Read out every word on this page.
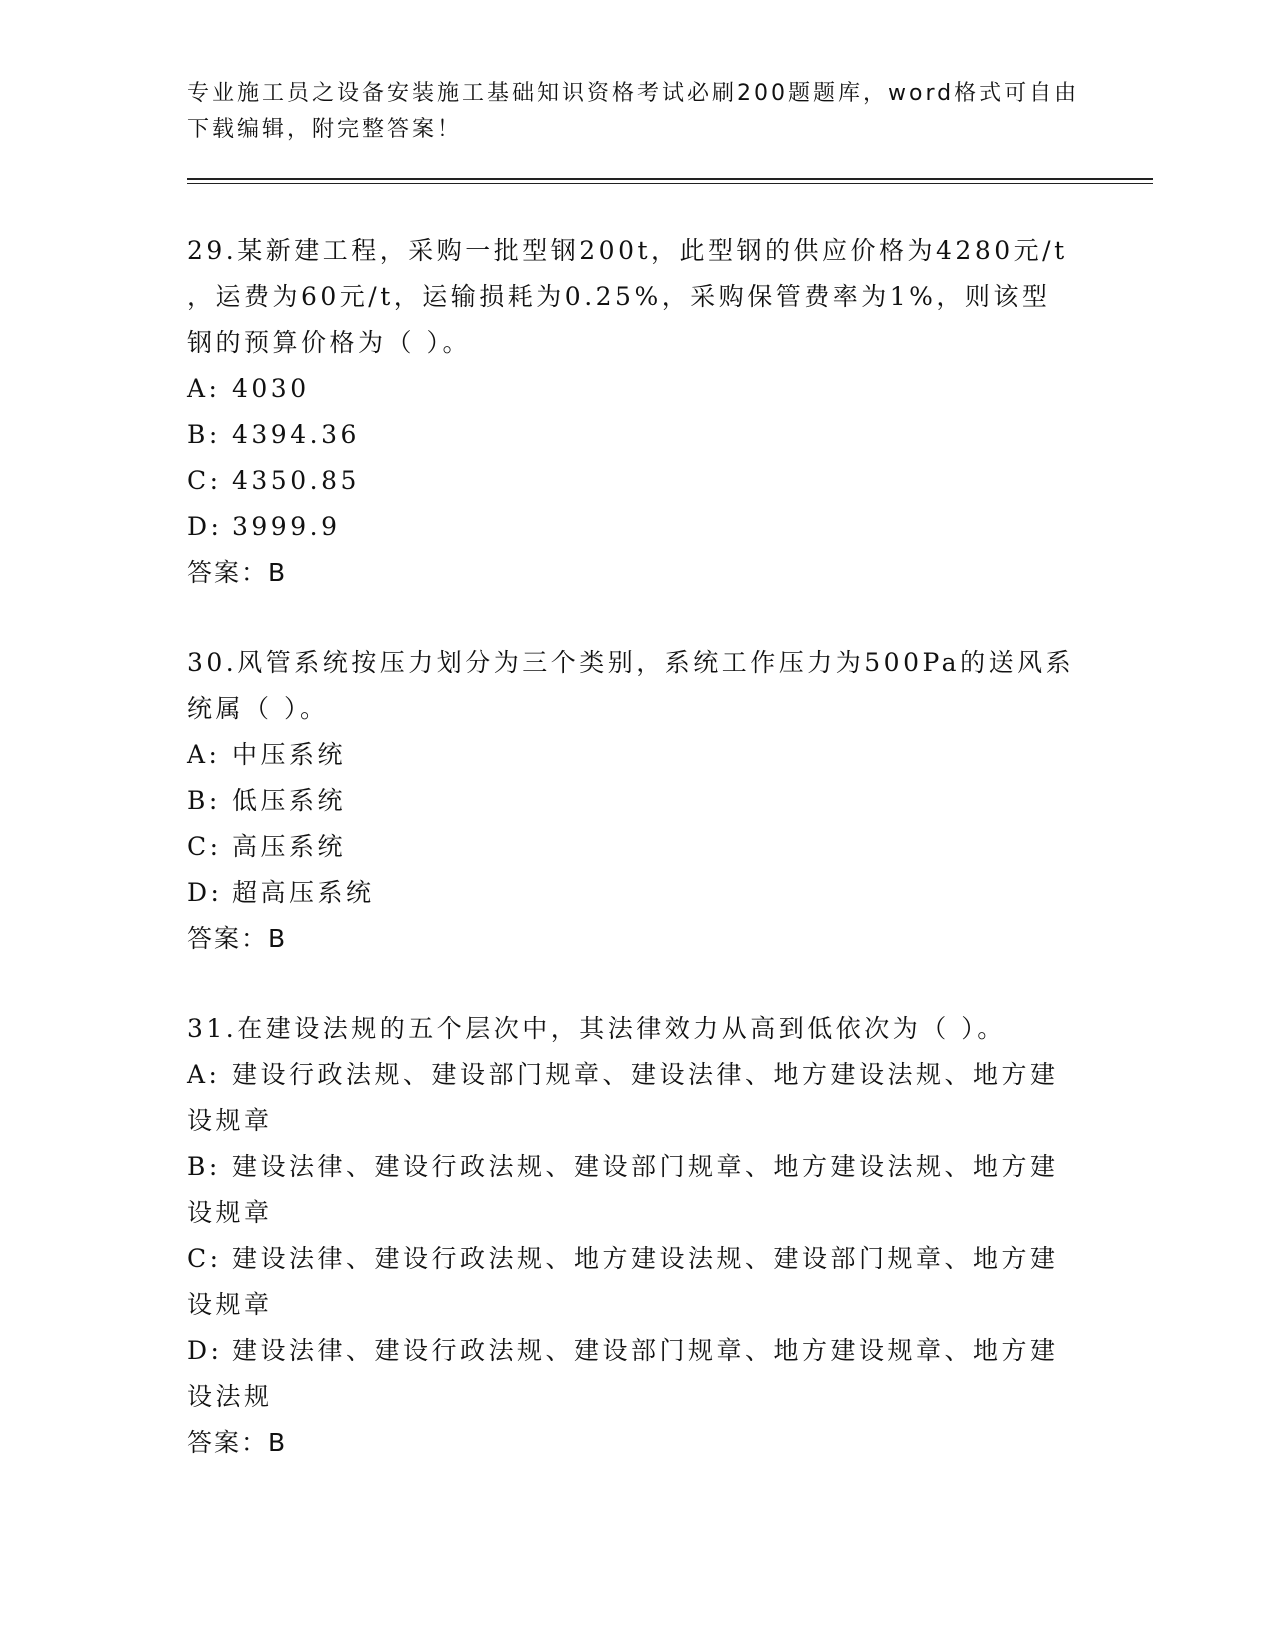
专业施工员之设备安装施工基础知识资格考试必刷200题题库，word格式可自由
下载编辑，附完整答案！
29.某新建工程，采购一批型钢200t，此型钢的供应价格为4280元/t
，运费为60元/t，运输损耗为0.25%，采购保管费率为1%，则该型
钢的预算价格为（ ）。
A: 4030
B: 4394.36
C: 4350.85
D: 3999.9
答案：B
30.风管系统按压力划分为三个类别，系统工作压力为500Pa的送风系
统属（ ）。
A: 中压系统
B: 低压系统
C: 高压系统
D: 超高压系统
答案：B
31.在建设法规的五个层次中，其法律效力从高到低依次为（ ）。
A: 建设行政法规、建设部门规章、建设法律、地方建设法规、地方建
设规章
B: 建设法律、建设行政法规、建设部门规章、地方建设法规、地方建
设规章
C: 建设法律、建设行政法规、地方建设法规、建设部门规章、地方建
设规章
D: 建设法律、建设行政法规、建设部门规章、地方建设规章、地方建
设法规
答案：B
